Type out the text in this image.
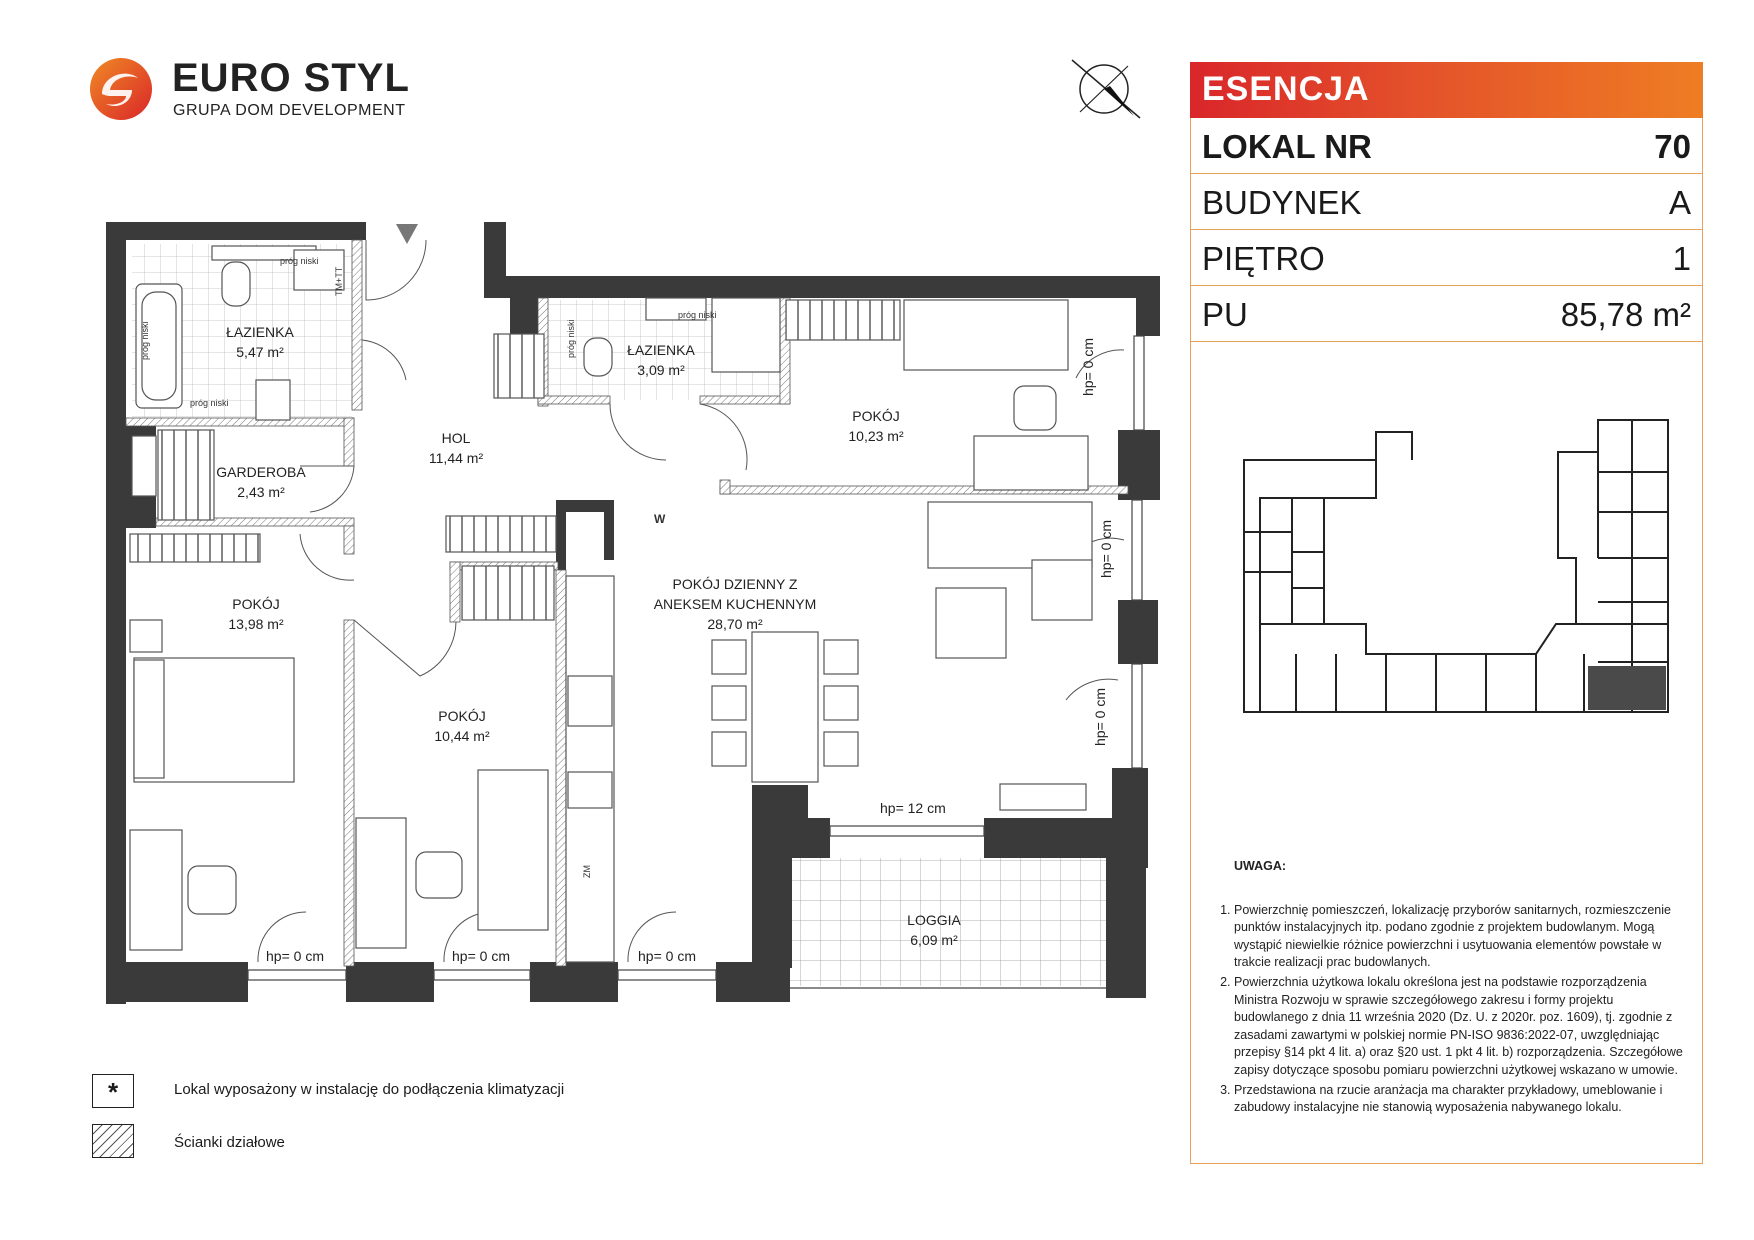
EURO STYL
GRUPA DOM DEVELOPMENT
ŁAZIENKA
5,47 m²	ŁAZIENKA
3,09 m²
HOL
11,44 m²
GARDEROBA
2,43 m²
POKÓJ
13,98 m²
POKÓJ
10,44 m²
POKÓJ
10,23 m²
POKÓJ DZIENNY Z
ANEKSEM KUCHENNYM
28,70 m²
LOGGIA
6,09 m²
hp= 0 cm	hp= 0 cm	hp= 0 cm
hp= 12 cm
hp= 0 cm
hp= 0 cm
hp= 0 cm
próg niski
próg niski
próg niski
próg niski
próg niski
TM+TT
ZM
W
ESENCJA
LOKAL NR	70
BUDYNEK	A
PIĘTRO	1
PU	85,78 m²
UWAGA:
1. Powierzchnię pomieszczeń, lokalizację przyborów sanitarnych, rozmieszczenie punktów instalacyjnych itp. podano zgodnie z projektem budowlanym. Mogą wystąpić niewielkie różnice powierzchni i usytuowania elementów powstałe w trakcie realizacji prac budowlanych.
2. Powierzchnia użytkowa lokalu określona jest na podstawie rozporządzenia Ministra Rozwoju w sprawie szczegółowego zakresu i formy projektu budowlanego z dnia 11 września 2020 (Dz. U. z 2020r. poz. 1609), tj. zgodnie z zasadami zawartymi w polskiej normie PN-ISO 9836:2022-07, uwzględniając przepisy §14 pkt 4 lit. a) oraz §20 ust. 1 pkt 4 lit. b) rozporządzenia. Szczegółowe zapisy dotyczące sposobu pomiaru powierzchni użytkowej wskazano w umowie.
3. Przedstawiona na rzucie aranżacja ma charakter przykładowy, umeblowanie i zabudowy instalacyjne nie stanowią wyposażenia nabywanego lokalu.
*	Lokal wyposażony w instalację do podłączenia klimatyzacji
Ścianki działowe
